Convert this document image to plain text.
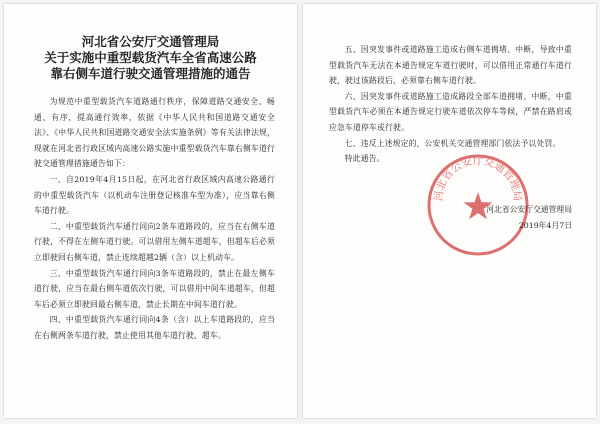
河北省公安厅交通管理局

关于实施中重型载货汽车全省高速公路

靠右侧车道行驶交通管理措施的通告

为规范中重型载货汽车道路通行秩序，保障道路交通安全、畅通、有序，提高通行效率，依据《中华人民共和国道路交通安全法》、《中华人民共和国道路交通安全法实施条例》等有关法律法规，现就在河北省行政区域内高速公路实施中重型载货汽车靠右侧车道行驶交通管理措施通告如下：

一、自2019年4月15日起，在河北省行政区域内高速公路通行的中重型载货汽车（以机动车注册登记核准车型为准），应当靠右侧车道行驶。

二、中重型载货汽车通行同向2条车道路段的，应当在右侧车道行驶，不得在左侧车道行驶。可以借用左侧车道超车，但超车后必须立即驶回右侧车道，禁止连续超越2辆（含）以上机动车。

三、中重型载货汽车通行同向3条车道路段的，禁止在最左侧车道行驶，应当在最右侧车道依次行驶，可以借用中间车道超车，但超车后必须立即驶回最右侧车道，禁止长期在中间车道行驶。

四、中重型载货汽车通行同向4条（含）以上车道路段的，应当在右侧两条车道行驶，禁止使用其他车道行驶、超车。

五、因突发事件或道路施工造成右侧车道拥堵、中断，导致中重型载货汽车无法在本通告规定车道行驶时，可以借用正常通行车道行驶，驶过该路段后，必须靠右侧车道行驶。

六、因突发事件或道路施工造成路段全部车道拥堵、中断，中重型载货汽车必须在本通告规定行驶车道依次停车等候，严禁在路肩或应急车道停车或行驶。

七、违反上述规定的，公安机关交通管理部门依法予以处罚。

特此通告。

河北省公安厅交通管理局
河北省公安厅交通管理局
2019年4月7日
